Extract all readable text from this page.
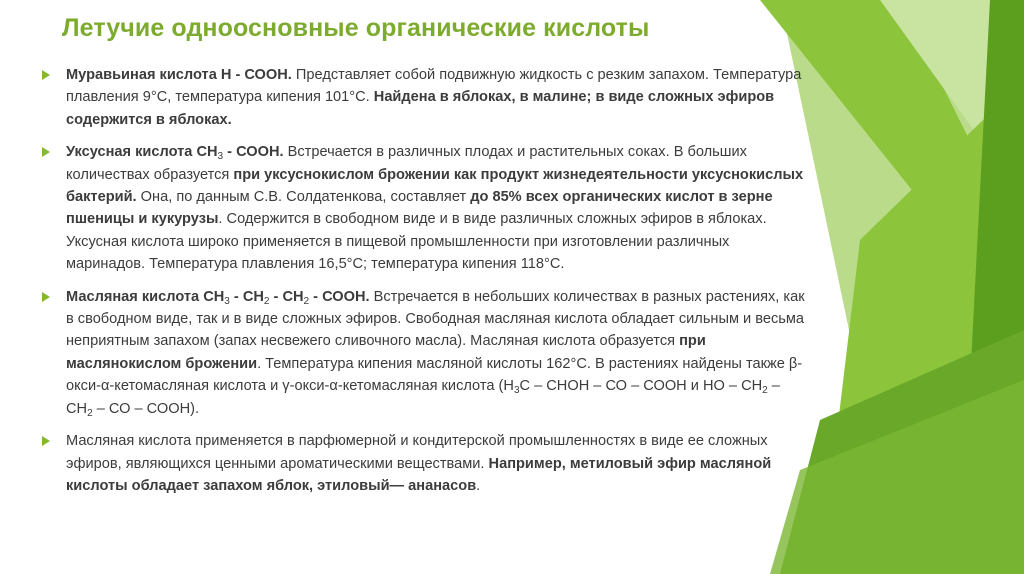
Летучие одноосновные органические кислоты
Муравьиная кислота Н - СООН. Представляет собой подвижную жидкость с резким запахом. Температура плавления 9°С, температура кипения 101°С. Найдена в яблоках, в малине; в виде сложных эфиров содержится в яблоках.
Уксусная кислота $СН_3$ - СООН. Встречается в различных плодах и растительных соках. В больших количествах образуется при уксуснокислом брожении как продукт жизнедеятельности уксуснокислых бактерий. Она, по данным С.В. Солдатенкова, составляет до 85% всех органических кислот в зерне пшеницы и кукурузы. Содержится в свободном виде и в виде различных сложных эфиров в яблоках. Уксусная кислота широко применяется в пищевой промышленности при изготовлении различных маринадов. Температура плавления 16,5°С; температура кипения 118°С.
Масляная кислота $СН_3 - СН_2 - СН_2$ - СООН. Встречается в небольших количествах в разных растениях, как в свободном виде, так и в виде сложных эфиров. Свободная масляная кислота обладает сильным и весьма неприятным запахом (запах несвежего сливочного масла). Масляная кислота образуется при маслянокислом брожении. Температура кипения масляной кислоты 162°С. В растениях найдены также β-окси-α-кетомасляная кислота и γ-окси-α-кетомасляная кислота ($Н_3С$ – СНОН – СО – СООН и НО – $СН_2 - СН_2$ – СО – СООН).
Масляная кислота применяется в парфюмерной и кондитерской промышленностях в виде ее сложных эфиров, являющихся ценными ароматическими веществами. Например, метиловый эфир масляной кислоты обладает запахом яблок, этиловый— ананасов.
